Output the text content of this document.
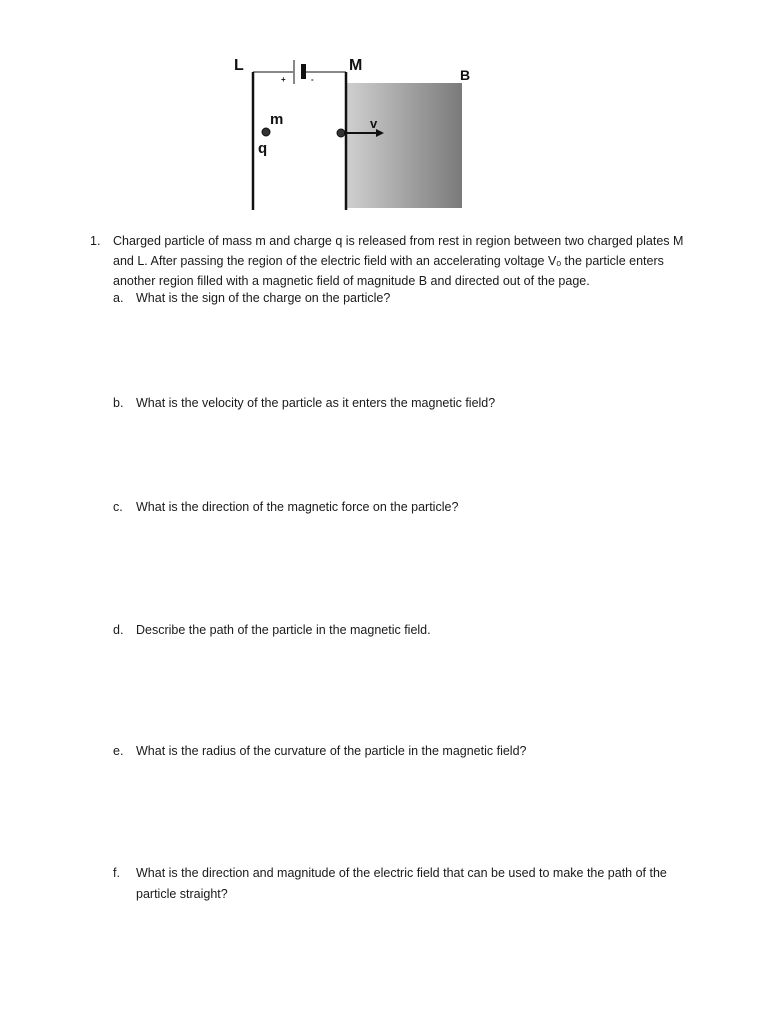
+	-
L	M
B
m
q
v
1. Charged particle of mass m and charge q is released from rest in region between two charged plates M and L. After passing the region of the electric field with an accelerating voltage Vₒ the particle enters another region filled with a magnetic field of magnitude B and directed out of the page.
a. What is the sign of the charge on the particle?
b. What is the velocity of the particle as it enters the magnetic field?
c. What is the direction of the magnetic force on the particle?
d. Describe the path of the particle in the magnetic field.
e. What is the radius of the curvature of the particle in the magnetic field?
f. What is the direction and magnitude of the electric field that can be used to make the path of the particle straight?
